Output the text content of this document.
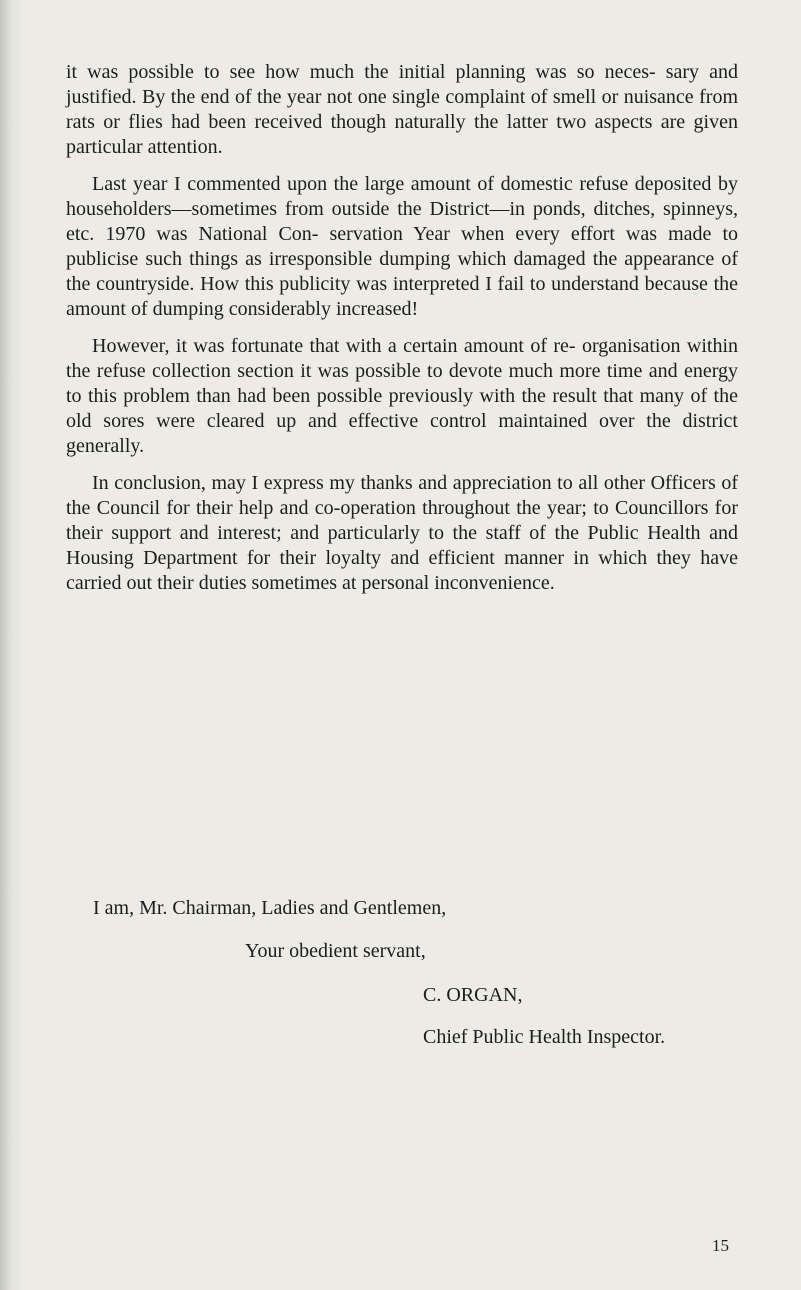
it was possible to see how much the initial planning was so neces- sary and justified. By the end of the year not one single complaint of smell or nuisance from rats or flies had been received though naturally the latter two aspects are given particular attention.

Last year I commented upon the large amount of domestic refuse deposited by householders—sometimes from outside the District—in ponds, ditches, spinneys, etc. 1970 was National Con- servation Year when every effort was made to publicise such things as irresponsible dumping which damaged the appearance of the countryside. How this publicity was interpreted I fail to understand because the amount of dumping considerably increased!

However, it was fortunate that with a certain amount of re- organisation within the refuse collection section it was possible to devote much more time and energy to this problem than had been possible previously with the result that many of the old sores were cleared up and effective control maintained over the district generally.

In conclusion, may I express my thanks and appreciation to all other Officers of the Council for their help and co-operation throughout the year; to Councillors for their support and interest; and particularly to the staff of the Public Health and Housing Department for their loyalty and efficient manner in which they have carried out their duties sometimes at personal inconvenience.

I am, Mr. Chairman, Ladies and Gentlemen,
Your obedient servant,
C. ORGAN,
Chief Public Health Inspector.
15
